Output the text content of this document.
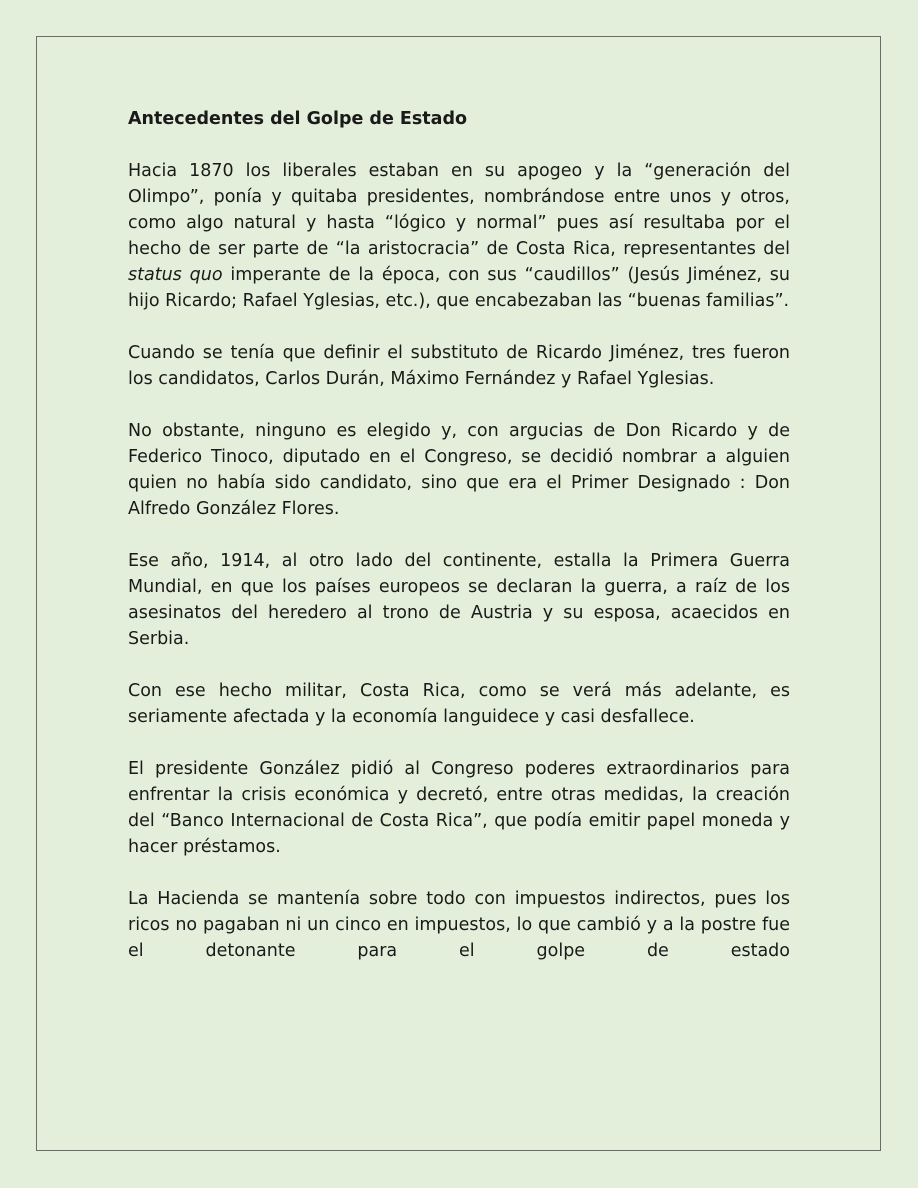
Antecedentes del Golpe de Estado

Hacia 1870 los liberales estaban en su apogeo y la “generación del Olimpo”, ponía y quitaba presidentes, nombrándose entre unos y otros, como algo natural y hasta “lógico y normal” pues así resultaba por el hecho de ser parte de “la aristocracia” de Costa Rica, representantes del status quo imperante de la época, con sus “caudillos” (Jesús Jiménez, su hijo Ricardo; Rafael Yglesias, etc.), que encabezaban las “buenas familias”.

Cuando se tenía que definir el substituto de Ricardo Jiménez, tres fueron los candidatos, Carlos Durán, Máximo Fernández y Rafael Yglesias.

No obstante, ninguno es elegido y, con argucias de Don Ricardo y de Federico Tinoco, diputado en el Congreso, se decidió nombrar a alguien quien no había sido candidato, sino que era el Primer Designado : Don Alfredo González Flores.

Ese año, 1914, al otro lado del continente, estalla la Primera Guerra Mundial, en que los países europeos se declaran la guerra, a raíz de los asesinatos del heredero al trono de Austria y su esposa, acaecidos en Serbia.

Con ese hecho militar, Costa Rica, como se verá más adelante, es seriamente afectada y la economía languidece y casi desfallece.

El presidente González pidió al Congreso poderes extraordinarios para enfrentar la crisis económica y decretó, entre otras medidas, la creación del “Banco Internacional de Costa Rica”, que podía emitir papel moneda y hacer préstamos.

La Hacienda se mantenía sobre todo con impuestos indirectos, pues los ricos no pagaban ni un cinco en impuestos, lo que cambió y a la postre fue el detonante para el golpe de estado
